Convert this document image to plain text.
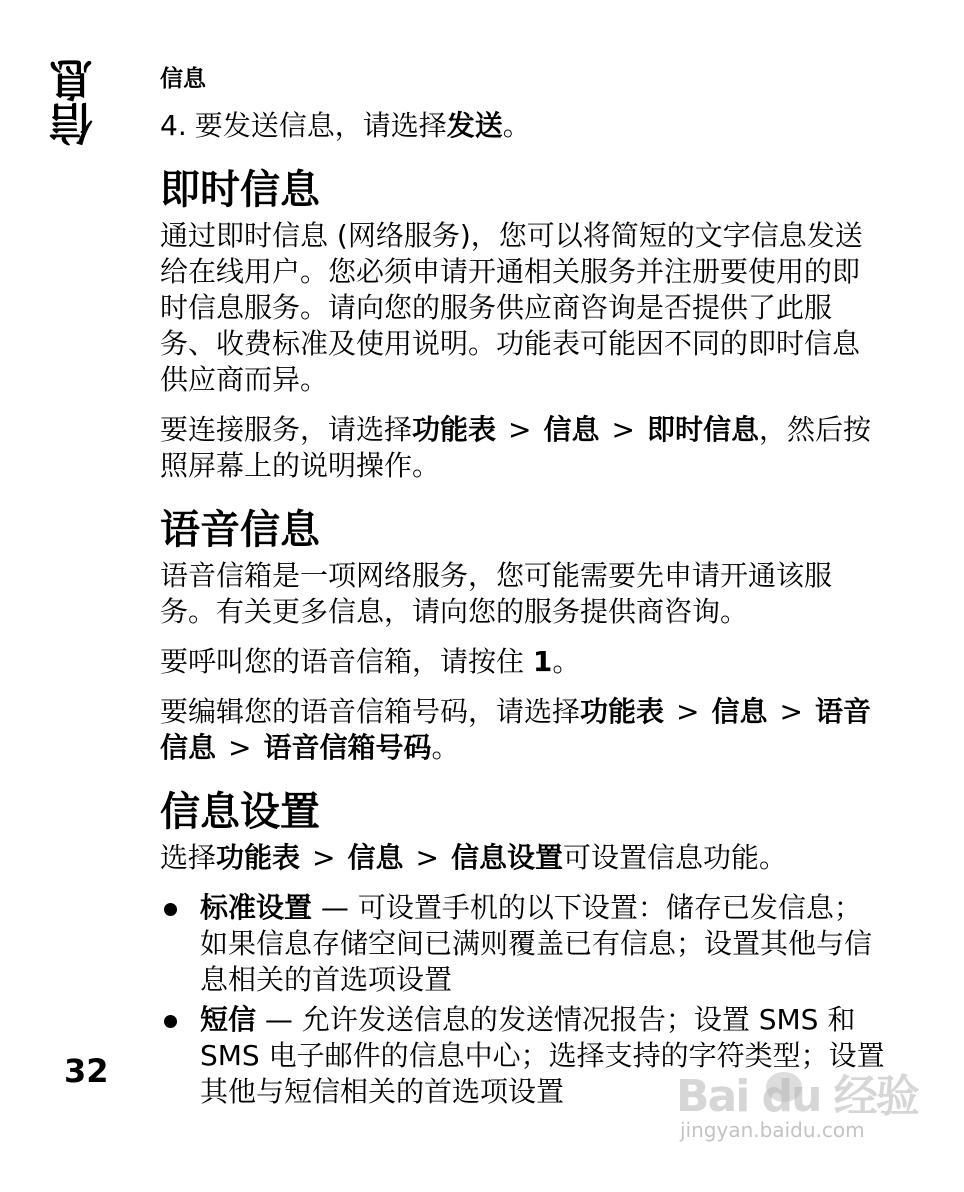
信息	信息

4. 要发送信息，请选择发送。

即时信息

通过即时信息 (网络服务)，您可以将简短的文字信息发送给在线用户。您必须申请开通相关服务并注册要使用的即时信息服务。请向您的服务供应商咨询是否提供了此服务、收费标准及使用说明。功能表可能因不同的即时信息供应商而异。

要连接服务，请选择功能表 > 信息 > 即时信息，然后按照屏幕上的说明操作。

语音信息

语音信箱是一项网络服务，您可能需要先申请开通该服务。有关更多信息，请向您的服务提供商咨询。

要呼叫您的语音信箱，请按住 1。

要编辑您的语音信箱号码，请选择功能表 > 信息 > 语音信息 > 语音信箱号码。

信息设置

选择功能表 > 信息 > 信息设置可设置信息功能。

标准设置 — 可设置手机的以下设置：储存已发信息；如果信息存储空间已满则覆盖已有信息；设置其他与信息相关的首选项设置
短信 — 允许发送信息的发送情况报告；设置 SMS 和 SMS 电子邮件的信息中心；选择支持的字符类型；设置其他与短信相关的首选项设置
32	Bai du 经验
jingyan.baidu.com
